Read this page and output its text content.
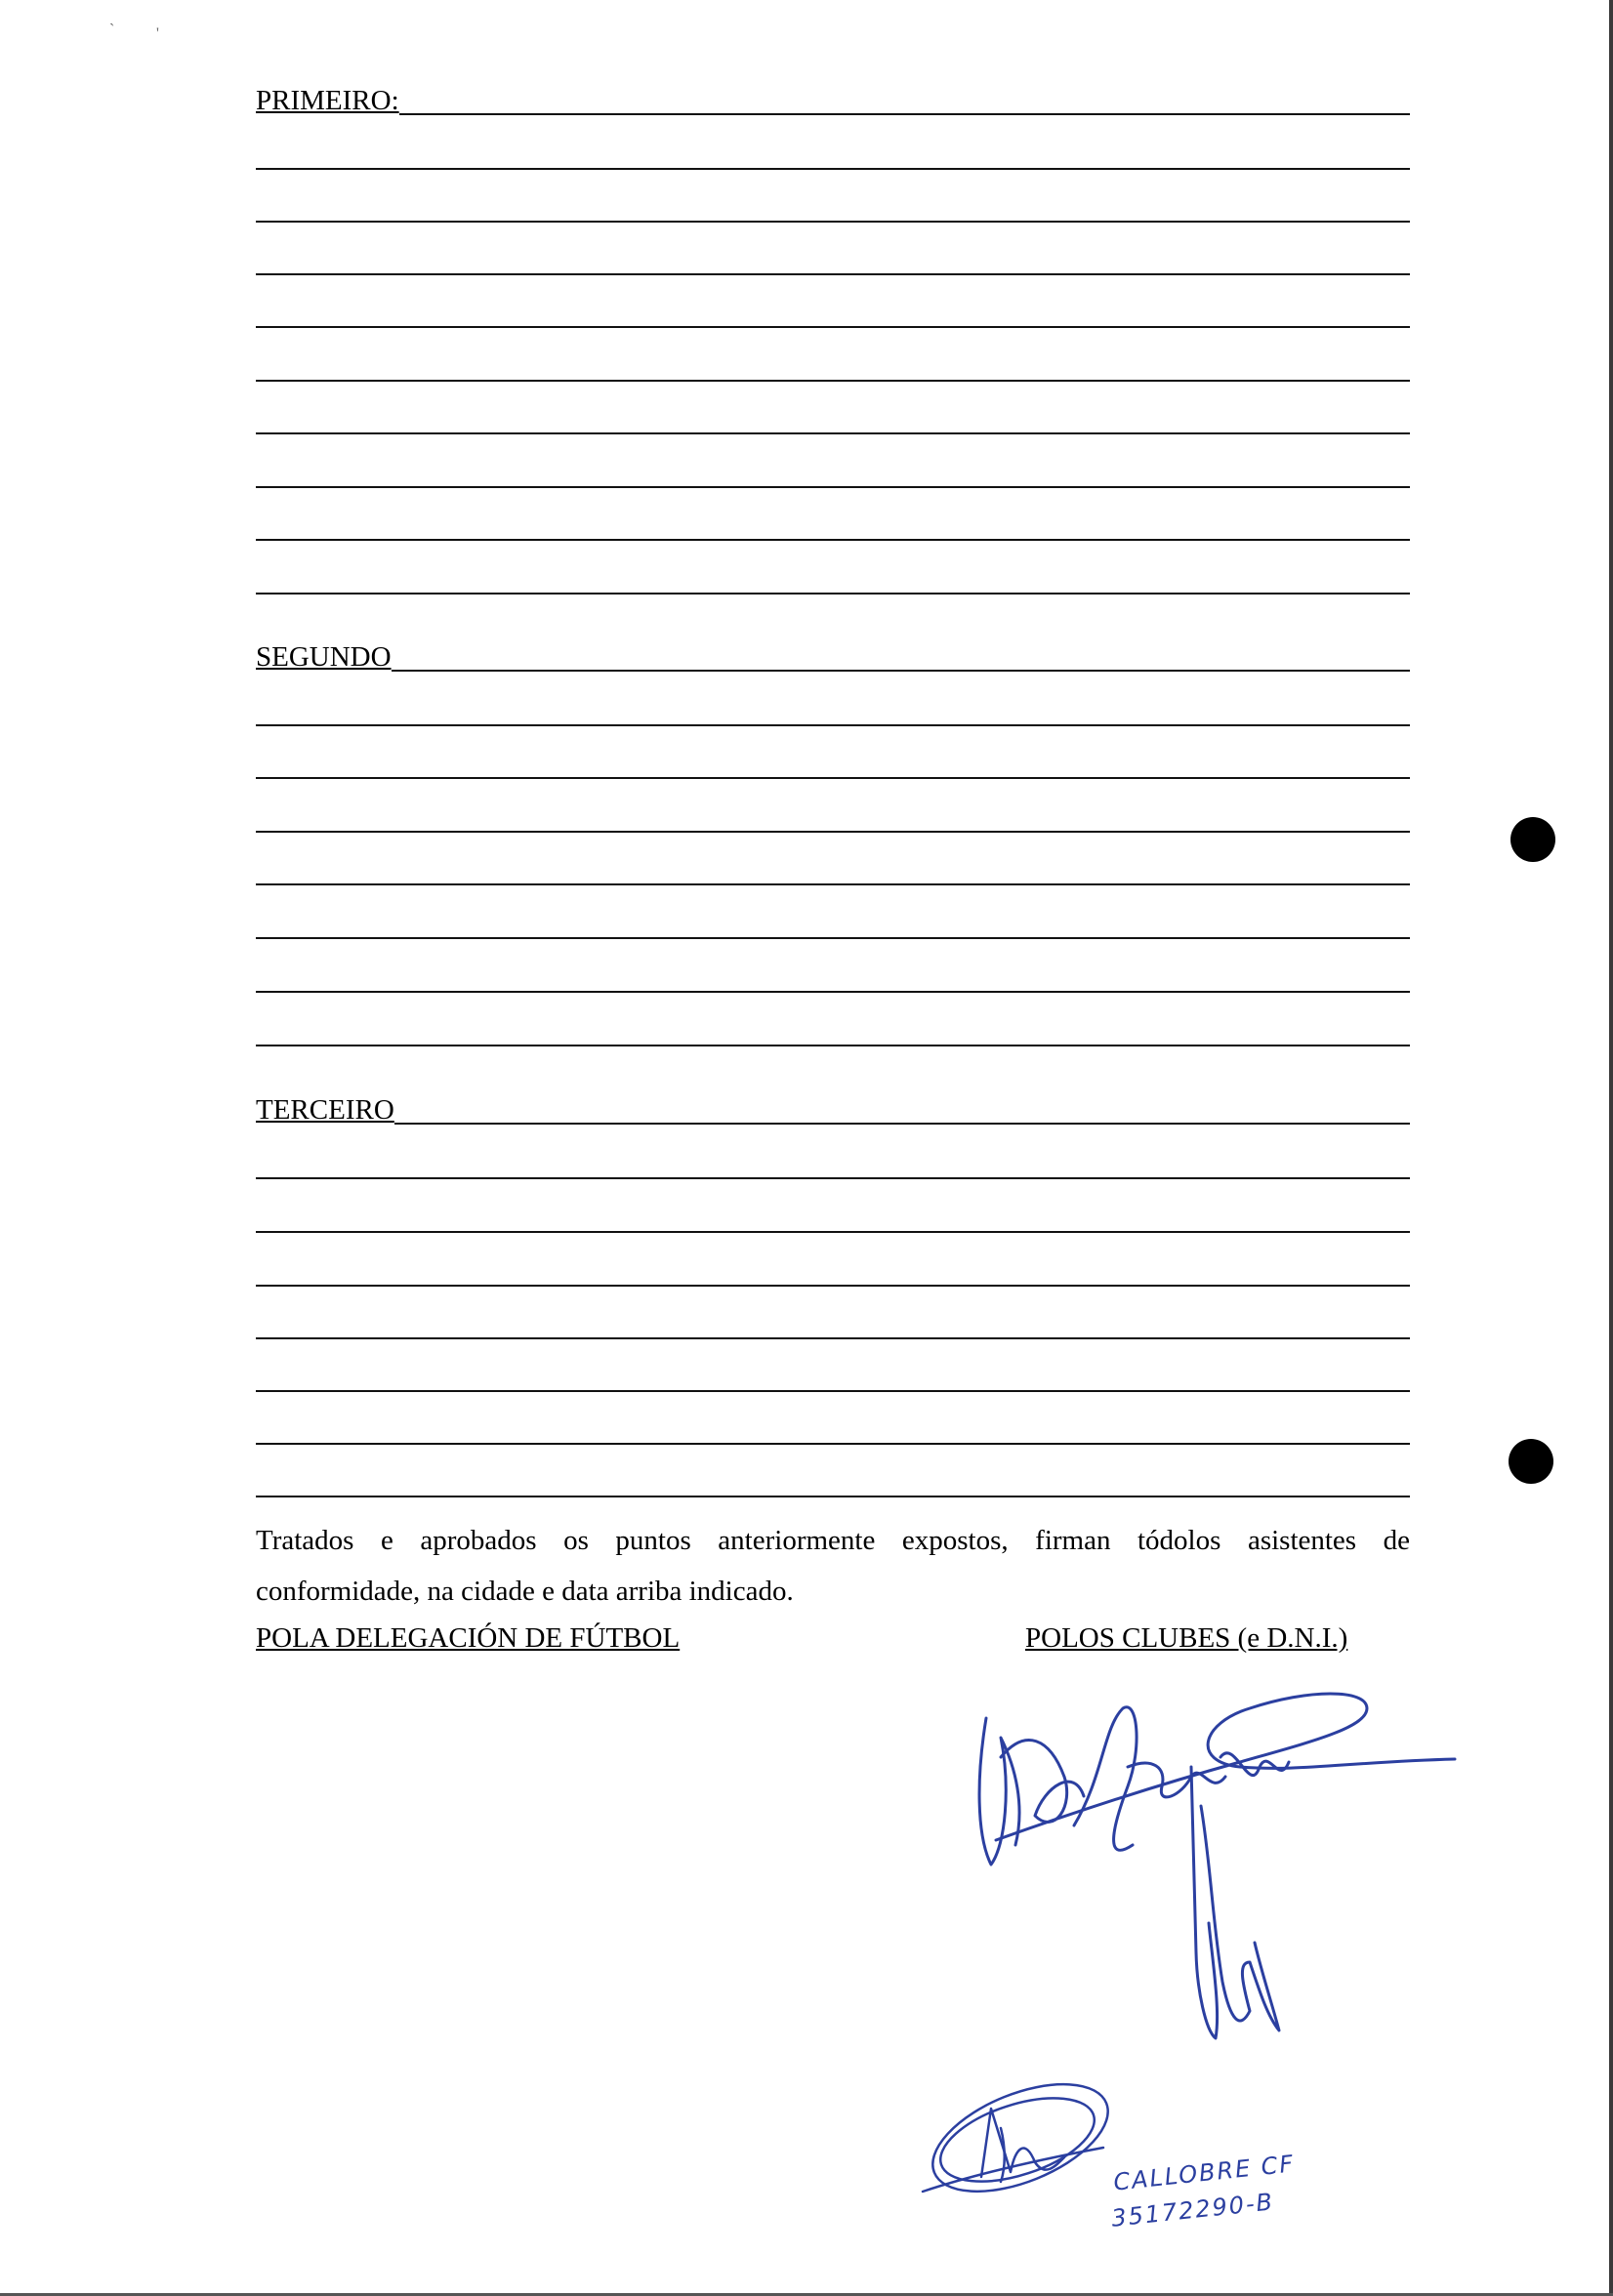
`	'
PRIMEIRO:
SEGUNDO
TERCEIRO

Tratados e aprobados os puntos anteriormente expostos, firman tódolos asistentes de

conformidade, na cidade e data arriba indicado.

POLA DELEGACIÓN DE FÚTBOL	POLOS CLUBES (e D.N.I.)
CALLOBRE CF
35172290-B
